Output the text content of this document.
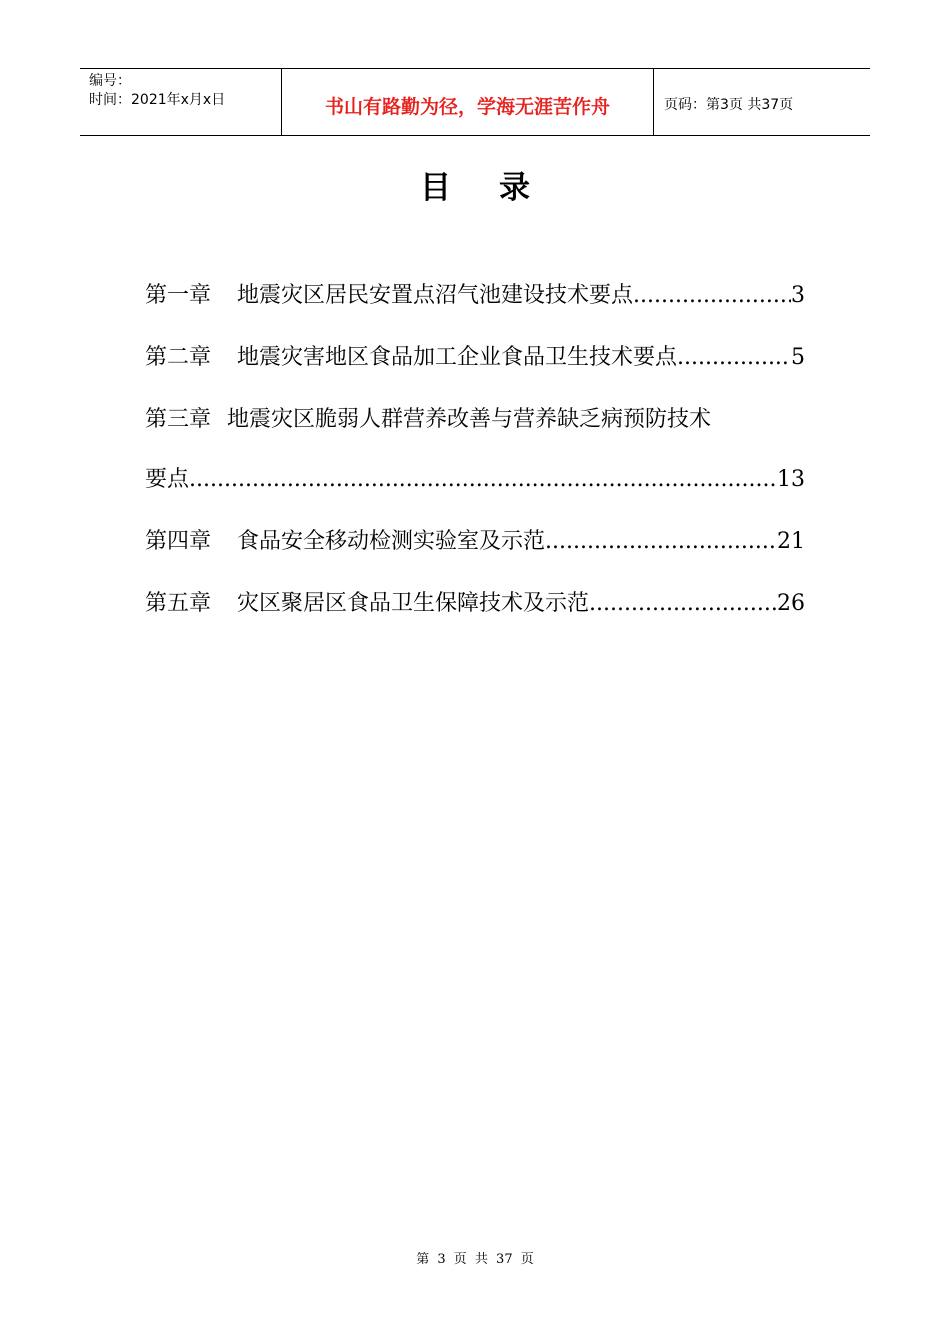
编号：
时间：2021年x月x日	书山有路勤为径，学海无涯苦作舟	页码：第3页 共37页
目录
第一章 地震灾区居民安置点沼气池建设技术要点 .....	3
第二章 地震灾害地区食品加工企业食品卫生技术要点 .....	5
第三章 地震灾区脆弱人群营养改善与营养缺乏病预防技术
要点 .....	13
第四章 食品安全移动检测实验室及示范 .....	21
第五章 灾区聚居区食品卫生保障技术及示范 .....	26
第 3 页 共 37 页
